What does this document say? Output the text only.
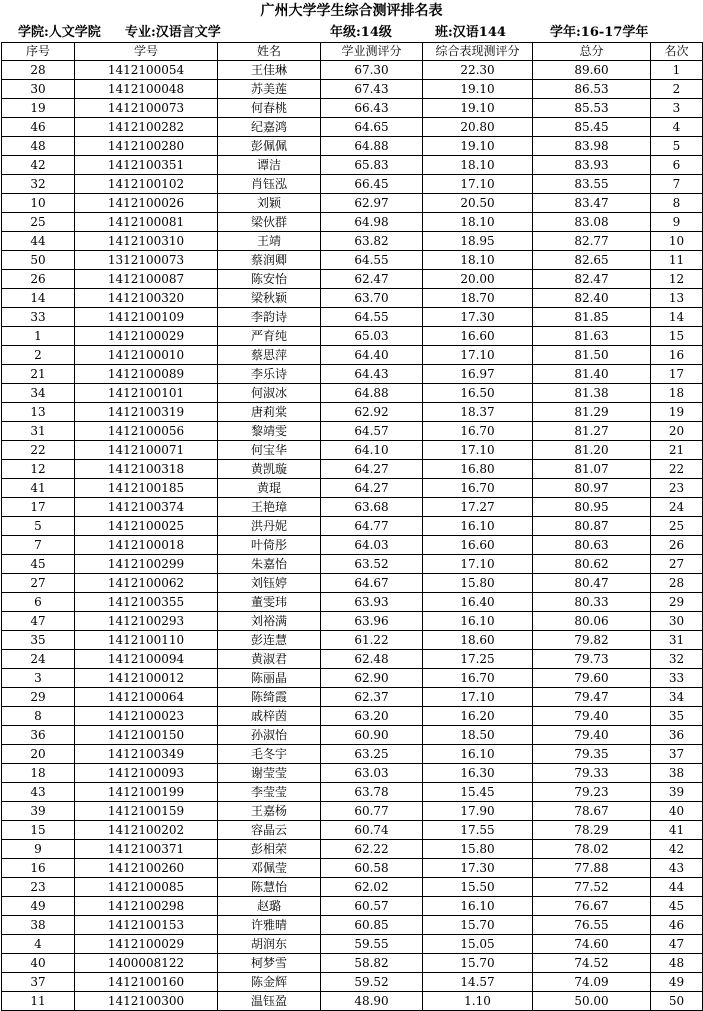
广州大学学生综合测评排名表
学院:人文学院 专业:汉语言文学	年级:14级	班:汉语144	学年:16-17学年
序号	学号	姓名	学业测评分	综合表现测评分	总分	名次
28	1412100054	王佳琳	67.30	22.30	89.60	1
30	1412100048	苏美莲	67.43	19.10	86.53	2
19	1412100073	何春桃	66.43	19.10	85.53	3
46	1412100282	纪嘉鸿	64.65	20.80	85.45	4
48	1412100280	彭佩佩	64.88	19.10	83.98	5
42	1412100351	谭洁	65.83	18.10	83.93	6
32	1412100102	肖钰泓	66.45	17.10	83.55	7
10	1412100026	刘颖	62.97	20.50	83.47	8
25	1412100081	梁伙群	64.98	18.10	83.08	9
44	1412100310	王靖	63.82	18.95	82.77	10
50	1312100073	蔡润卿	64.55	18.10	82.65	11
26	1412100087	陈安怡	62.47	20.00	82.47	12
14	1412100320	梁秋颖	63.70	18.70	82.40	13
33	1412100109	李韵诗	64.55	17.30	81.85	14
1	1412100029	严育纯	65.03	16.60	81.63	15
2	1412100010	蔡思萍	64.40	17.10	81.50	16
21	1412100089	李乐诗	64.43	16.97	81.40	17
34	1412100101	何淑冰	64.88	16.50	81.38	18
13	1412100319	唐莉棠	62.92	18.37	81.29	19
31	1412100056	黎靖雯	64.57	16.70	81.27	20
22	1412100071	何宝华	64.10	17.10	81.20	21
12	1412100318	黄凯璇	64.27	16.80	81.07	22
41	1412100185	黄琨	64.27	16.70	80.97	23
17	1412100374	王艳璋	63.68	17.27	80.95	24
5	1412100025	洪丹妮	64.77	16.10	80.87	25
7	1412100018	叶倚彤	64.03	16.60	80.63	26
45	1412100299	朱嘉怡	63.52	17.10	80.62	27
27	1412100062	刘钰婷	64.67	15.80	80.47	28
6	1412100355	董雯玮	63.93	16.40	80.33	29
47	1412100293	刘裕满	63.96	16.10	80.06	30
35	1412100110	彭连慧	61.22	18.60	79.82	31
24	1412100094	黄淑君	62.48	17.25	79.73	32
3	1412100012	陈丽晶	62.90	16.70	79.60	33
29	1412100064	陈绮霞	62.37	17.10	79.47	34
8	1412100023	戚梓茵	63.20	16.20	79.40	35
36	1412100150	孙淑怡	60.90	18.50	79.40	36
20	1412100349	毛冬宇	63.25	16.10	79.35	37
18	1412100093	谢莹莹	63.03	16.30	79.33	38
43	1412100199	李莹莹	63.78	15.45	79.23	39
39	1412100159	王嘉杨	60.77	17.90	78.67	40
15	1412100202	容晶云	60.74	17.55	78.29	41
9	1412100371	彭相荣	62.22	15.80	78.02	42
16	1412100260	邓佩莹	60.58	17.30	77.88	43
23	1412100085	陈慧怡	62.02	15.50	77.52	44
49	1412100298	赵璐	60.57	16.10	76.67	45
38	1412100153	许雅晴	60.85	15.70	76.55	46
4	1412100029	胡润东	59.55	15.05	74.60	47
40	1400008122	柯梦雪	58.82	15.70	74.52	48
37	1412100160	陈金辉	59.52	14.57	74.09	49
11	1412100300	温钰盈	48.90	1.10	50.00	50
